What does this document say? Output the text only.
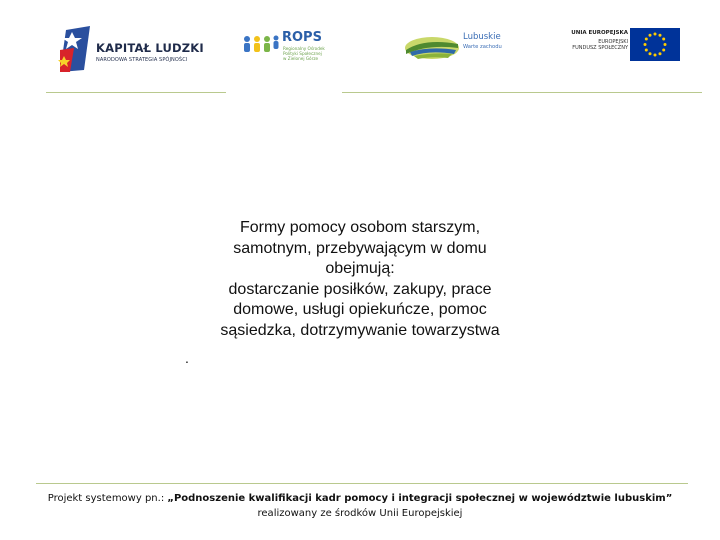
KAPITAŁ LUDZKI
NARODOWA STRATEGIA SPÓJNOŚCI
ROPS
Regionalny Ośrodek
Polityki Społecznej
w Zielonej Górze
Lubuskie
Warte zachodu
UNIA EUROPEJSKA
EUROPEJSKI
FUNDUSZ SPOŁECZNY
Formy pomocy osobom starszym,
samotnym, przebywającym w domu
obejmują:
dostarczanie posiłków, zakupy, prace
domowe, usługi opiekuńcze, pomoc
sąsiedzka, dotrzymywanie towarzystwa
.
Projekt systemowy pn.: „Podnoszenie kwalifikacji kadr pomocy i integracji społecznej w województwie lubuskim”
realizowany ze środków Unii Europejskiej
